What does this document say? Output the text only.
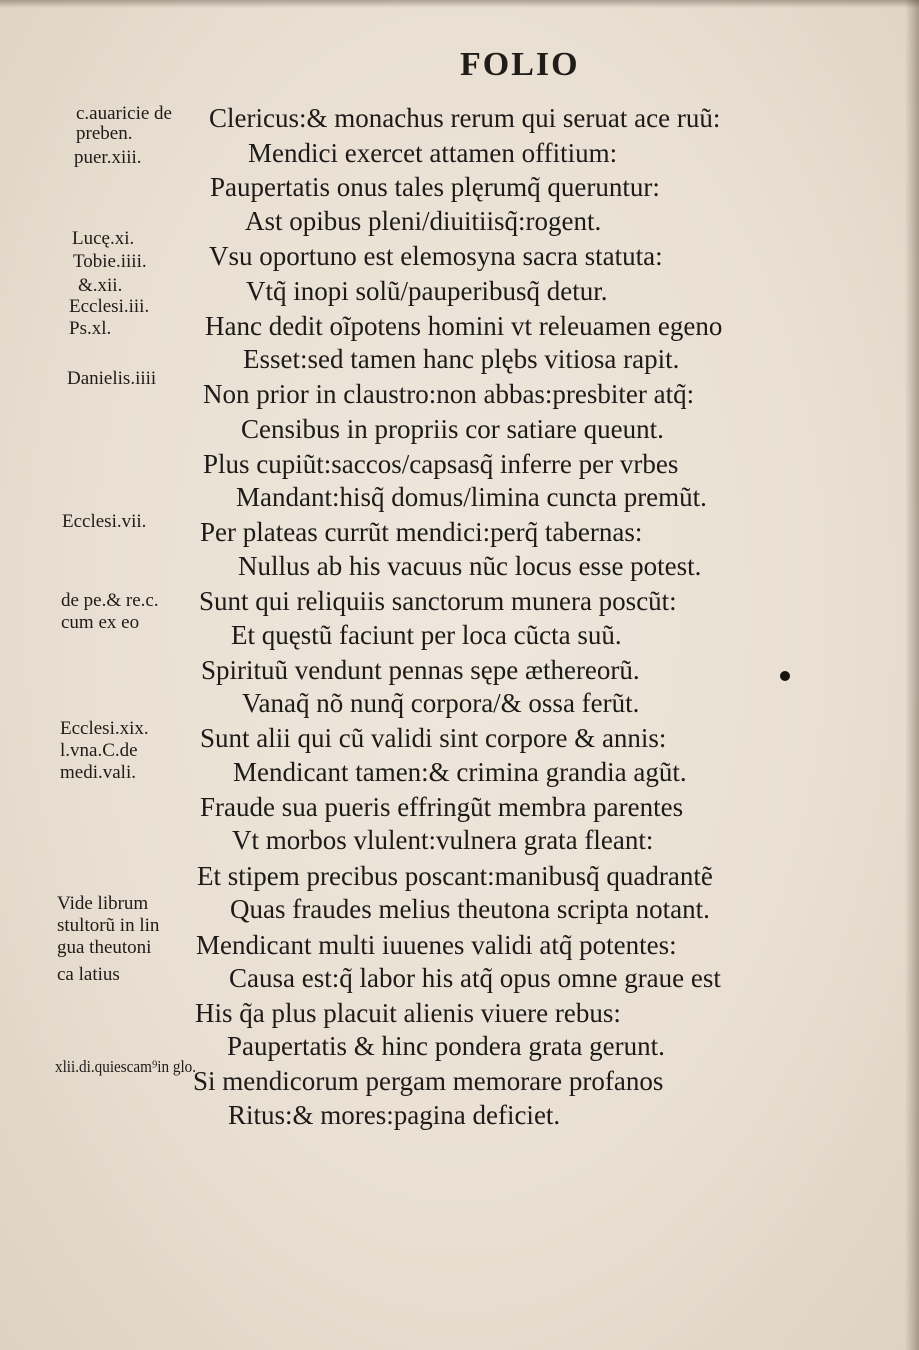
FOLIO
Clericus:& monachus rerum qui seruat ace ruũ:
Mendici exercet attamen offitium:
Paupertatis onus tales plęrumq̃ queruntur:
Ast opibus pleni/diuitiisq̃:rogent.
Vsu oportuno est elemosyna sacra statuta:
Vtq̃ inopi solũ/pauperibusq̃ detur.
Hanc dedit oĩpotens homini vt releuamen egeno
Esset:sed tamen hanc plębs vitiosa rapit.
Non prior in claustro:non abbas:presbiter atq̃:
Censibus in propriis cor satiare queunt.
Plus cupiũt:saccos/capsasq̃ inferre per vrbes
Mandant:hisq̃ domus/limina cuncta premũt.
Per plateas currũt mendici:perq̃ tabernas:
Nullus ab his vacuus nũc locus esse potest.
Sunt qui reliquiis sanctorum munera poscũt:
Et quęstũ faciunt per loca cũcta suũ.
Spirituũ vendunt pennas sępe æthereorũ.
Vanaq̃ nõ nunq̃ corpora/& ossa ferũt.
Sunt alii qui cũ validi sint corpore & annis:
Mendicant tamen:& crimina grandia agũt.
Fraude sua pueris effringũt membra parentes
Vt morbos vlulent:vulnera grata fleant:
Et stipem precibus poscant:manibusq̃ quadrantẽ
Quas fraudes melius theutona scripta notant.
Mendicant multi iuuenes validi atq̃ potentes:
Causa est:q̃ labor his atq̃ opus omne graue est
His q̃a plus placuit alienis viuere rebus:
Paupertatis & hinc pondera grata gerunt.
Si mendicorum pergam memorare profanos
Ritus:& mores:pagina deficiet.
c.auaricie de
preben.
puer.xiii.
Lucę.xi.
Tobie.iiii.
&.xii.
Ecclesi.iii.
Ps.xl.
Danielis.iiii
Ecclesi.vii.
de pe.& re.c.
cum ex eo
Ecclesi.xix.
l.vna.C.de
medi.vali.
Vide librum
stultorũ in lin
gua theutoni
ca latius
xlii.di.quiescam⁹in glo.
